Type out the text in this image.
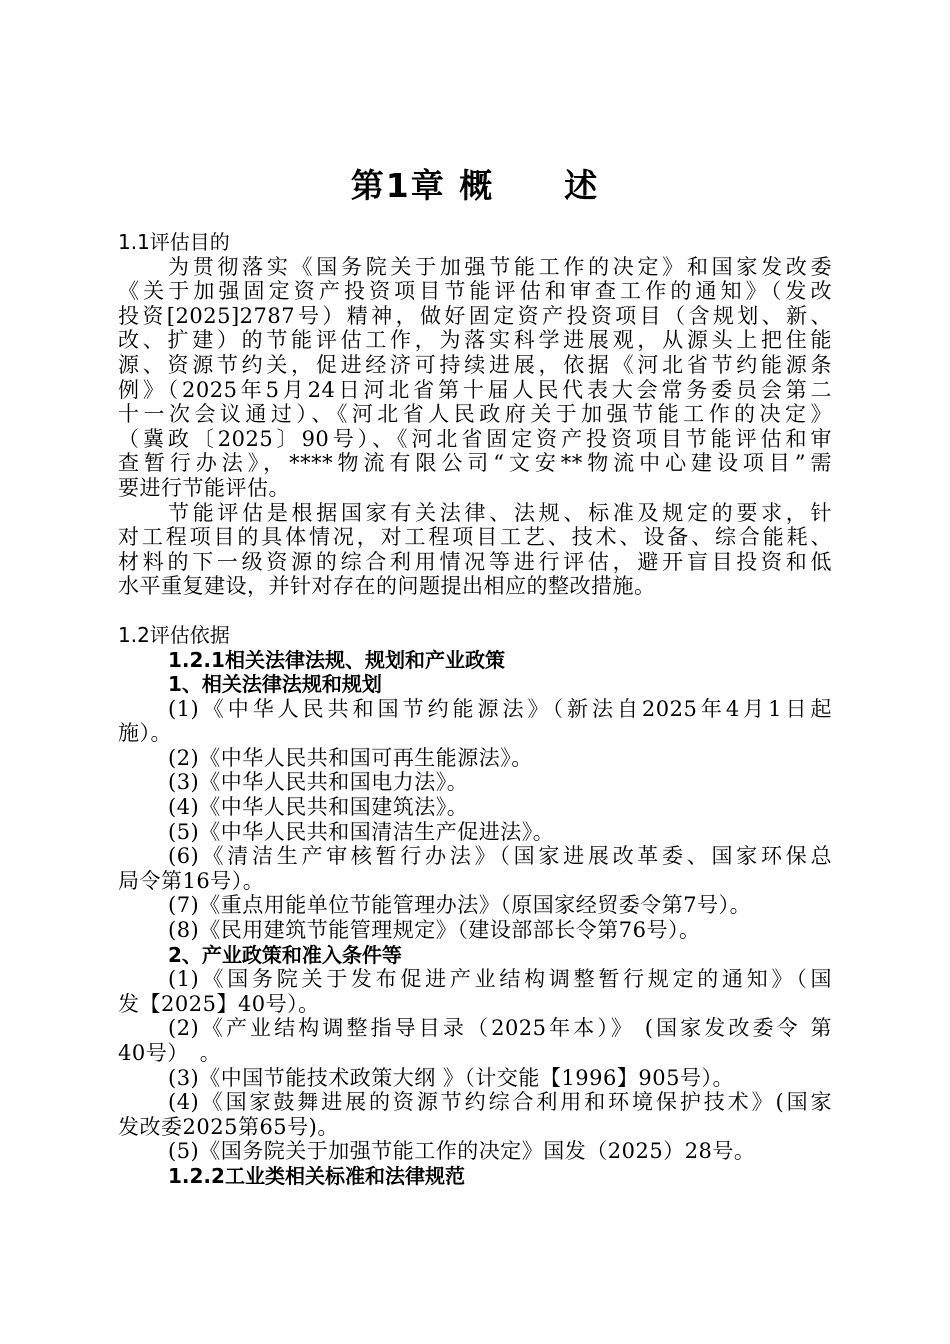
第1章 概　　述
1.1评估目的
为贯彻落实《国务院关于加强节能工作的决定》和国家发改委
《关于加强固定资产投资项目节能评估和审查工作的通知》（发改
投资[2025]2787号）精神，做好固定资产投资项目（含规划、新、
改、扩建）的节能评估工作，为落实科学进展观，从源头上把住能
源、资源节约关，促进经济可持续进展，依据《河北省节约能源条
例》（2025年5月24日河北省第十届人民代表大会常务委员会第二
十一次会议通过）、《河北省人民政府关于加强节能工作的决定》
（冀政〔2025〕90号）、《河北省固定资产投资项目节能评估和审
查暂行办法》，****物流有限公司“文安**物流中心建设项目”需
要进行节能评估。
节能评估是根据国家有关法律、法规、标准及规定的要求，针
对工程项目的具体情况，对工程项目工艺、技术、设备、综合能耗、
材料的下一级资源的综合利用情况等进行评估，避开盲目投资和低
水平重复建设，并针对存在的问题提出相应的整改措施。
1.2评估依据
1.2.1相关法律法规、规划和产业政策
1、相关法律法规和规划
(1)《中华人民共和国节约能源法》（新法自2025年4月1日起
施）。
(2)《中华人民共和国可再生能源法》。
(3)《中华人民共和国电力法》。
(4)《中华人民共和国建筑法》。
(5)《中华人民共和国清洁生产促进法》。
(6)《清洁生产审核暂行办法》（国家进展改革委、国家环保总
局令第16号）。
(7)《重点用能单位节能管理办法》（原国家经贸委令第7号）。
(8)《民用建筑节能管理规定》（建设部部长令第76号）。
2、产业政策和准入条件等
(1)《国务院关于发布促进产业结构调整暂行规定的通知》（国
发【2025】40号）。
(2)《产业结构调整指导目录（2025年本）》 (国家发改委令 第
40号）　。
(3)《中国节能技术政策大纲 》（计交能【1996】905号）。
(4)《国家鼓舞进展的资源节约综合利用和环境保护技术》(国家
发改委2025第65号)。
(5)《国务院关于加强节能工作的决定》国发（2025）28号。
1.2.2工业类相关标准和法律规范
